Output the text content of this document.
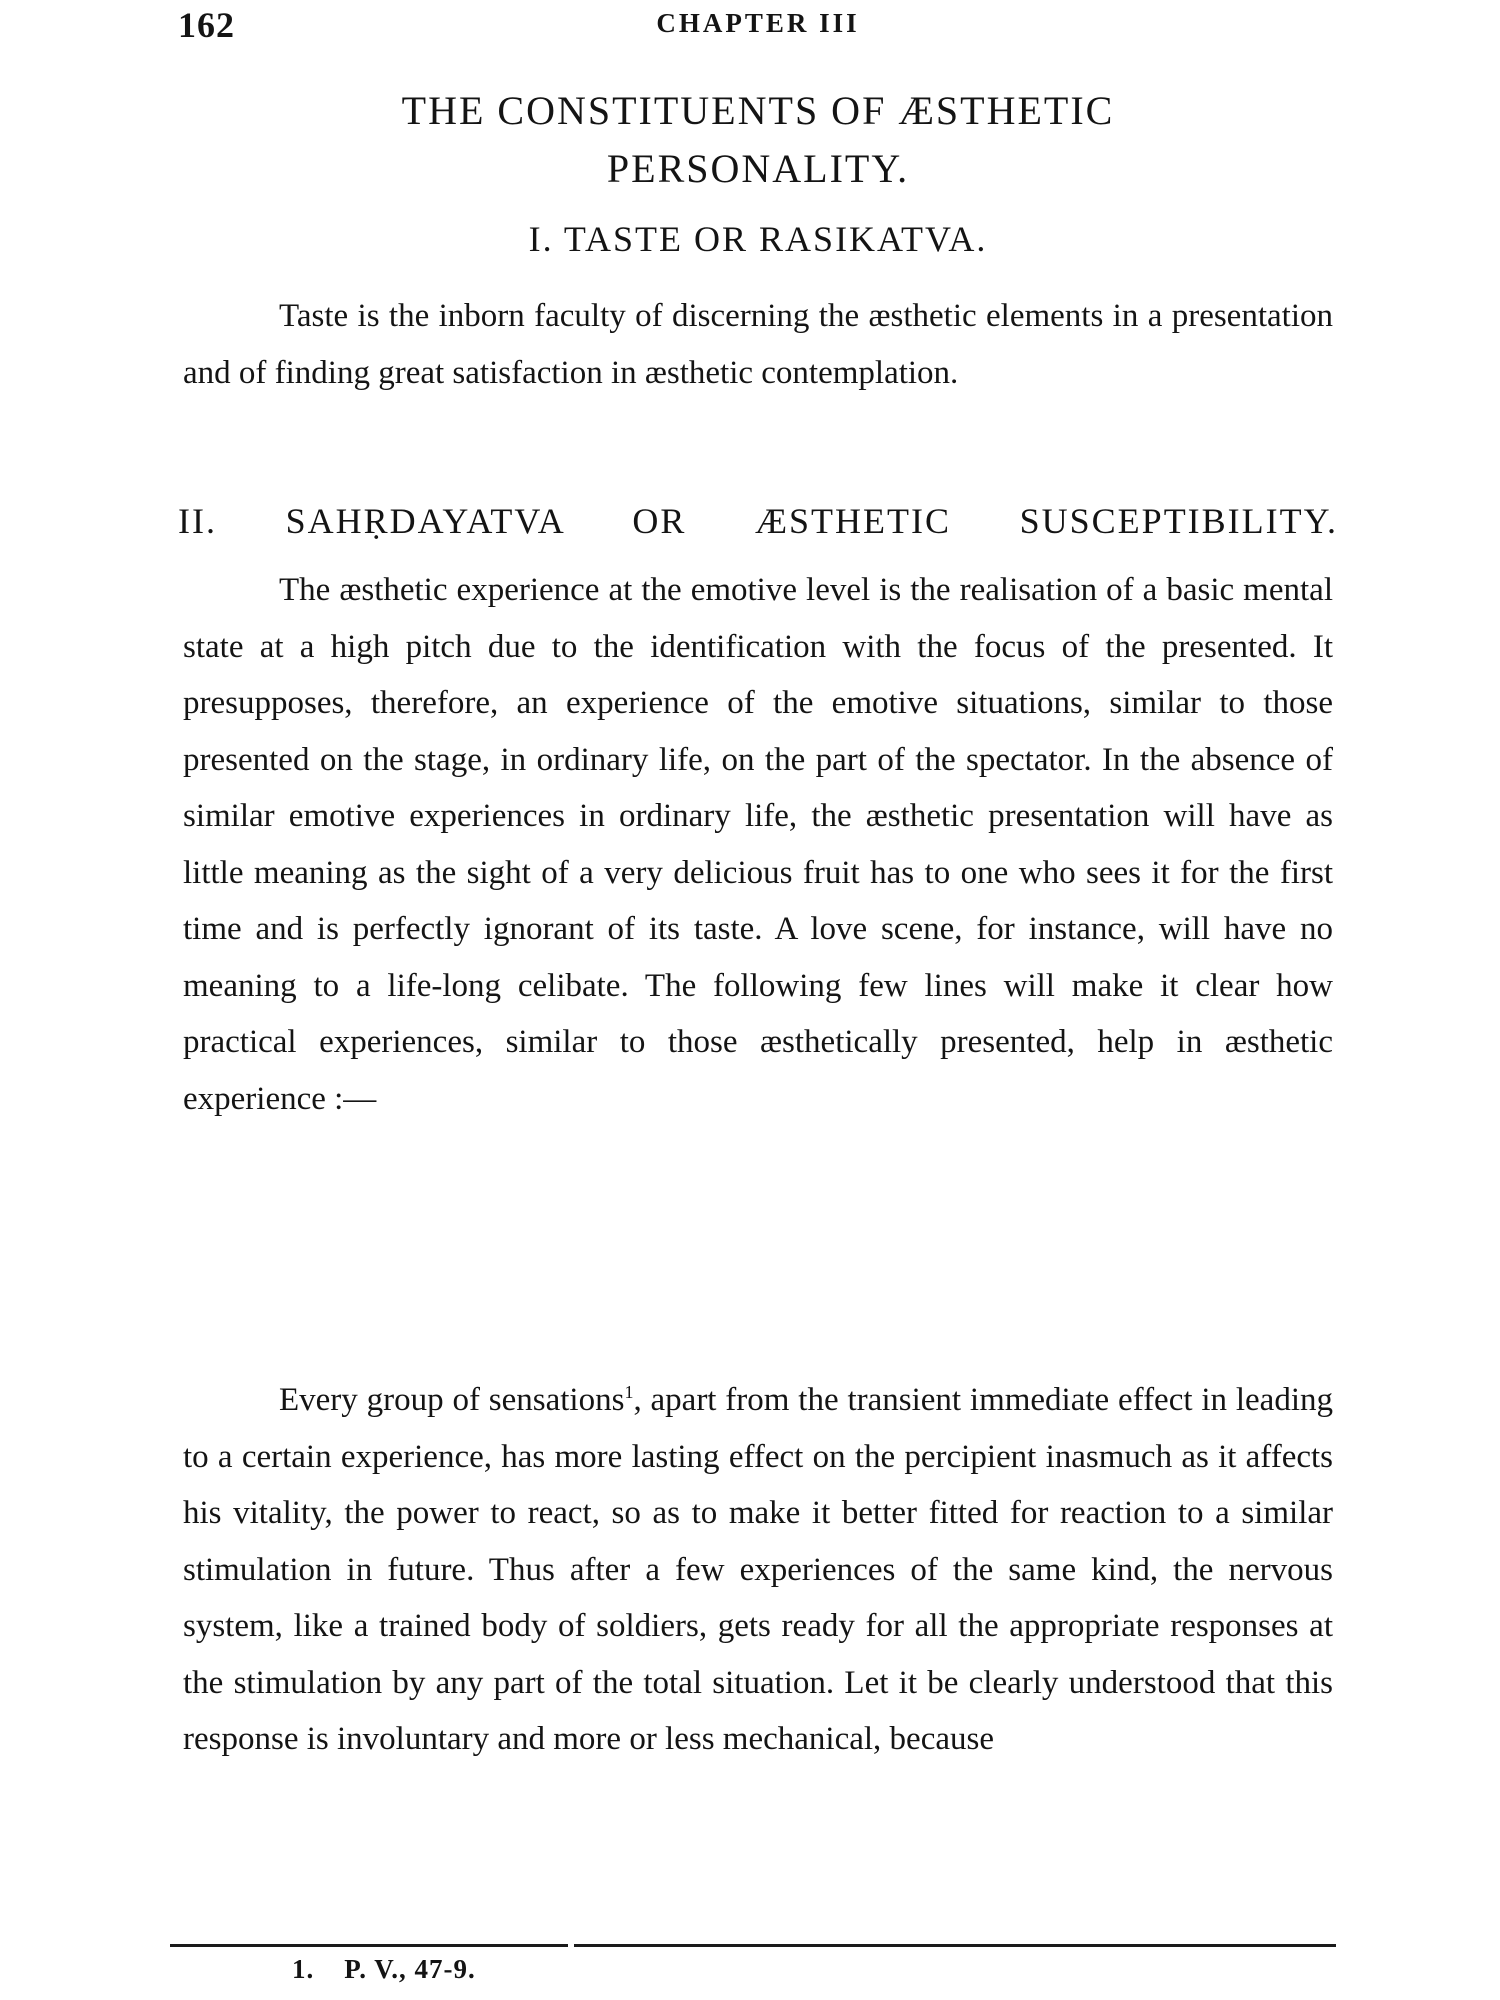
162	CHAPTER III
THE CONSTITUENTS OF ÆSTHETIC
PERSONALITY.
I. TASTE OR RASIKATVA.

Taste is the inborn faculty of discerning the æsthetic elements in a presentation and of finding great satisfaction in æsthetic contemplation.

II. SAHṚDAYATVA OR ÆSTHETIC SUSCEPTIBILITY.

The æsthetic experience at the emotive level is the realisation of a basic mental state at a high pitch due to the identification with the focus of the presented. It presupposes, therefore, an experience of the emotive situations, similar to those presented on the stage, in ordinary life, on the part of the spectator. In the absence of similar emotive experiences in ordinary life, the æsthetic presentation will have as little meaning as the sight of a very delicious fruit has to one who sees it for the first time and is perfectly ignorant of its taste. A love scene, for instance, will have no meaning to a life-long celibate. The following few lines will make it clear how practical experiences, similar to those æsthetically presented, help in æsthetic experience :—

Every group of sensations$^1$, apart from the transient immediate effect in leading to a certain experience, has more lasting effect on the percipient inasmuch as it affects his vitality, the power to react, so as to make it better fitted for reaction to a similar stimulation in future. Thus after a few experiences of the same kind, the nervous system, like a trained body of soldiers, gets ready for all the appropriate responses at the stimulation by any part of the total situation. Let it be clearly understood that this response is involuntary and more or less mechanical, because

1. P. V., 47-9.
